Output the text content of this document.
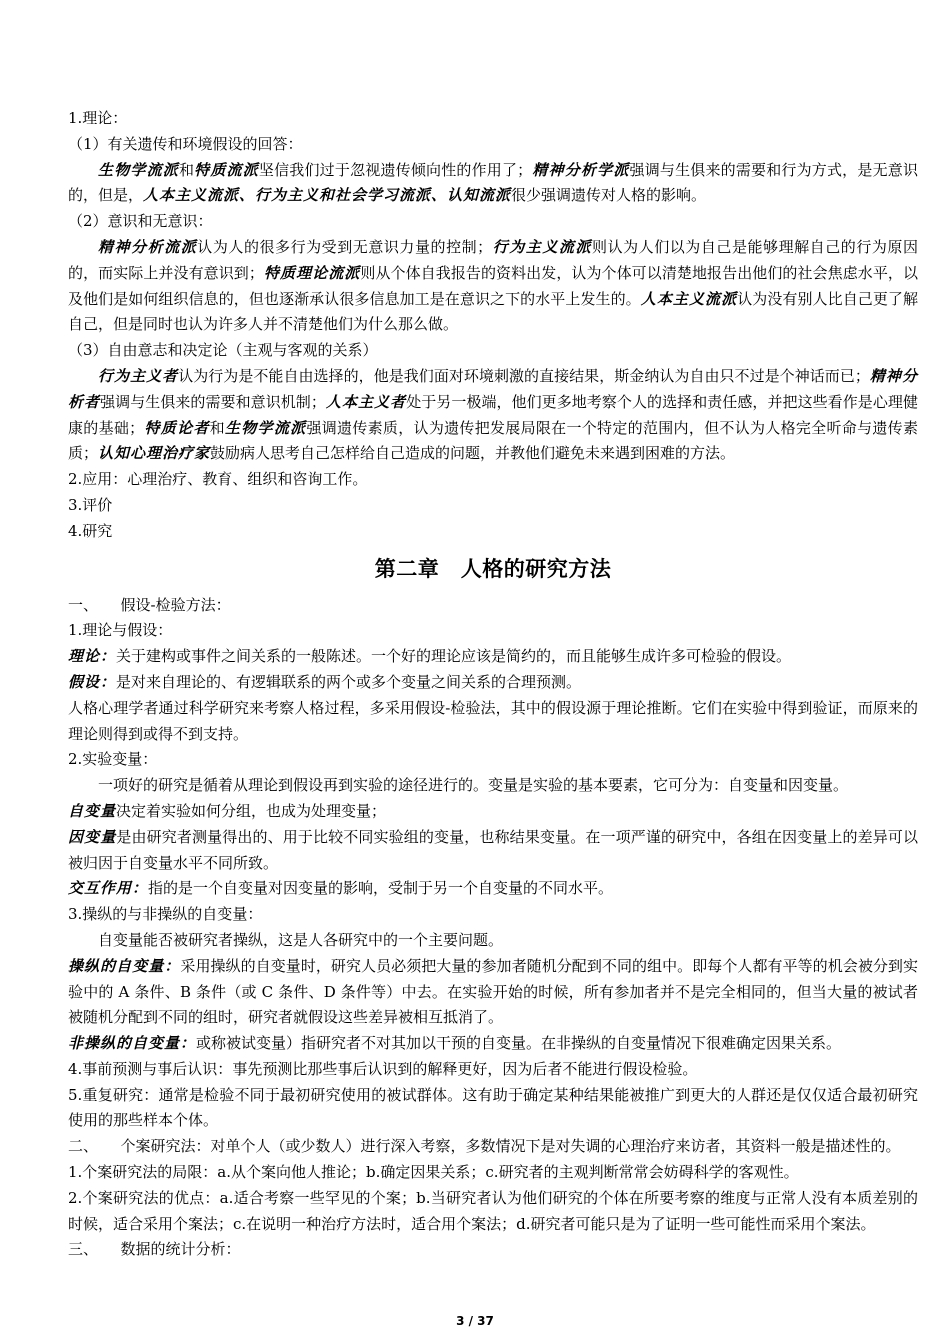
1.理论：

（1）有关遗传和环境假设的回答：

生物学流派和特质流派坚信我们过于忽视遗传倾向性的作用了；精神分析学派强调与生俱来的需要和行为方式，是无意识的，但是，人本主义流派、行为主义和社会学习流派、认知流派很少强调遗传对人格的影响。

（2）意识和无意识：

精神分析流派认为人的很多行为受到无意识力量的控制；行为主义流派则认为人们以为自己是能够理解自己的行为原因的，而实际上并没有意识到；特质理论流派则从个体自我报告的资料出发，认为个体可以清楚地报告出他们的社会焦虑水平，以及他们是如何组织信息的，但也逐渐承认很多信息加工是在意识之下的水平上发生的。人本主义流派认为没有别人比自己更了解自己，但是同时也认为许多人并不清楚他们为什么那么做。

（3）自由意志和决定论（主观与客观的关系）

行为主义者认为行为是不能自由选择的，他是我们面对环境刺激的直接结果，斯金纳认为自由只不过是个神话而已；精神分析者强调与生俱来的需要和意识机制；人本主义者处于另一极端，他们更多地考察个人的选择和责任感，并把这些看作是心理健康的基础；特质论者和生物学流派强调遗传素质，认为遗传把发展局限在一个特定的范围内，但不认为人格完全听命与遗传素质；认知心理治疗家鼓励病人思考自己怎样给自己造成的问题，并教他们避免未来遇到困难的方法。

2.应用：心理治疗、教育、组织和咨询工作。

3.评价

4.研究

第二章　人格的研究方法

一、　　假设-检验方法：

1.理论与假设：

理论：关于建构或事件之间关系的一般陈述。一个好的理论应该是简约的，而且能够生成许多可检验的假设。

假设：是对来自理论的、有逻辑联系的两个或多个变量之间关系的合理预测。

人格心理学者通过科学研究来考察人格过程，多采用假设-检验法，其中的假设源于理论推断。它们在实验中得到验证，而原来的理论则得到或得不到支持。

2.实验变量：

一项好的研究是循着从理论到假设再到实验的途径进行的。变量是实验的基本要素，它可分为：自变量和因变量。

自变量决定着实验如何分组，也成为处理变量；

因变量是由研究者测量得出的、用于比较不同实验组的变量，也称结果变量。在一项严谨的研究中，各组在因变量上的差异可以被归因于自变量水平不同所致。

交互作用：指的是一个自变量对因变量的影响，受制于另一个自变量的不同水平。

3.操纵的与非操纵的自变量：

自变量能否被研究者操纵，这是人各研究中的一个主要问题。

操纵的自变量：采用操纵的自变量时，研究人员必须把大量的参加者随机分配到不同的组中。即每个人都有平等的机会被分到实验中的 A 条件、B 条件（或 C 条件、D 条件等）中去。在实验开始的时候，所有参加者并不是完全相同的，但当大量的被试者被随机分配到不同的组时，研究者就假设这些差异被相互抵消了。

非操纵的自变量：或称被试变量）指研究者不对其加以干预的自变量。在非操纵的自变量情况下很难确定因果关系。

4.事前预测与事后认识：事先预测比那些事后认识到的解释更好，因为后者不能进行假设检验。

5.重复研究：通常是检验不同于最初研究使用的被试群体。这有助于确定某种结果能被推广到更大的人群还是仅仅适合最初研究使用的那些样本个体。

二、　　个案研究法：对单个人（或少数人）进行深入考察，多数情况下是对失调的心理治疗来访者，其资料一般是描述性的。

1.个案研究法的局限：a.从个案向他人推论；b.确定因果关系；c.研究者的主观判断常常会妨碍科学的客观性。

2.个案研究法的优点：a.适合考察一些罕见的个案；b.当研究者认为他们研究的个体在所要考察的维度与正常人没有本质差别的时候，适合采用个案法；c.在说明一种治疗方法时，适合用个案法；d.研究者可能只是为了证明一些可能性而采用个案法。

三、　　数据的统计分析：

3 / 37
